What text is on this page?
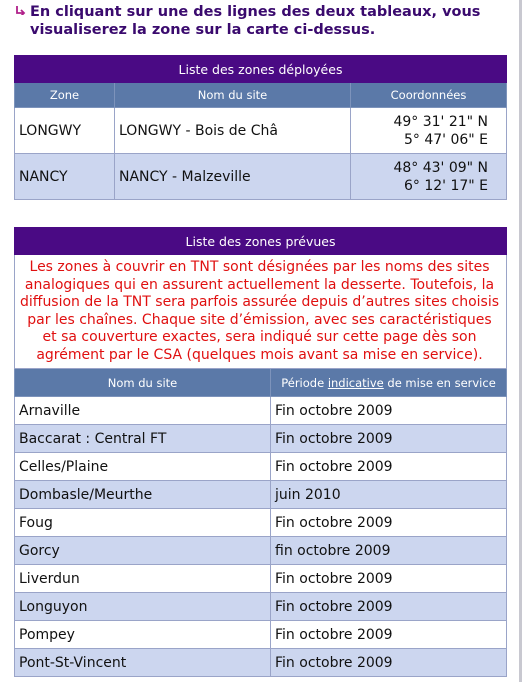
En cliquant sur une des lignes des deux tableaux, vous
visualiserez la zone sur la carte ci-dessus.
Liste des zones déployées		
Zone	Nom du site	Coordonnées
LONGWY	LONGWY - Bois de Châ	49° 31' 21" N
5° 47' 06" E

NANCY	NANCY - Malzeville	48° 43' 09" N
6° 12' 17" E
Liste des zones prévues	
Les zones à couvrir en TNT sont désignées par les noms des sites analogiques qui en assurent actuellement la desserte. Toutefois, la diffusion de la TNT sera parfois assurée depuis d’autres sites choisis par les chaînes. Chaque site d’émission, avec ses caractéristiques et sa couverture exactes, sera indiqué sur cette page dès son agrément par le CSA (quelques mois avant sa mise en service).	
Nom du site	Période indicative de mise en service
Arnaville	Fin octobre 2009
Baccarat : Central FT	Fin octobre 2009
Celles/Plaine	Fin octobre 2009
Dombasle/Meurthe	juin 2010
Foug	Fin octobre 2009
Gorcy	fin octobre 2009
Liverdun	Fin octobre 2009
Longuyon	Fin octobre 2009
Pompey	Fin octobre 2009
Pont-St-Vincent	Fin octobre 2009
